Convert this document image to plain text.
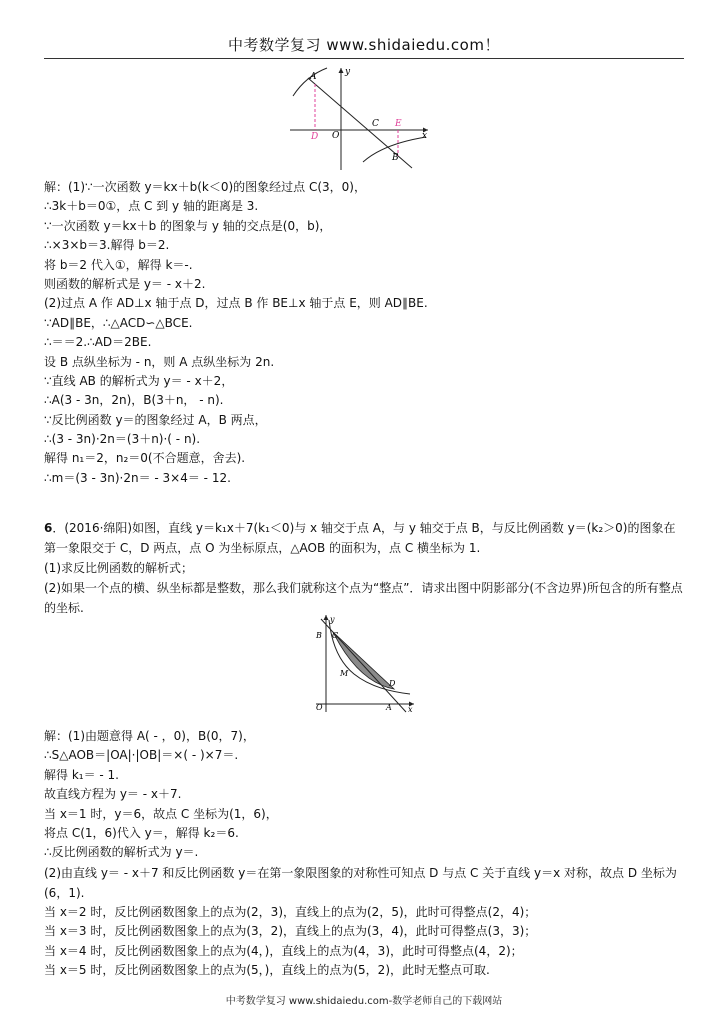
中考数学复习 www.shidaiedu.com！
y
x
A
O
D
C E
B
解：(1)∵一次函数 y＝kx＋b(k＜0)的图象经过点 C(3，0)，
∴3k＋b＝0①，点 C 到 y 轴的距离是 3.
∵一次函数 y＝kx＋b 的图象与 y 轴的交点是(0，b)，
∴×3×b＝3.解得 b＝2.
将 b＝2 代入①，解得 k＝-.
则函数的解析式是 y＝ - x＋2.
(2)过点 A 作 AD⊥x 轴于点 D，过点 B 作 BE⊥x 轴于点 E，则 AD∥BE.
∵AD∥BE，∴△ACD∽△BCE.
∴＝＝2.∴AD＝2BE.
设 B 点纵坐标为 - n，则 A 点纵坐标为 2n.
∵直线 AB 的解析式为 y＝ - x＋2，
∴A(3 - 3n，2n)，B(3＋n， - n).
∵反比例函数 y＝的图象经过 A，B 两点，
∴(3 - 3n)·2n＝(3＋n)·( - n).
解得 n₁＝2，n₂＝0(不合题意，舍去).
∴m＝(3 - 3n)·2n＝ - 3×4＝ - 12.
6．(2016·绵阳)如图，直线 y＝k₁x＋7(k₁＜0)与 x 轴交于点 A，与 y 轴交于点 B，与反比例函数 y＝(k₂＞0)的图象在第一象限交于 C，D 两点，点 O 为坐标原点，△AOB 的面积为，点 C 横坐标为 1.
(1)求反比例函数的解析式；
(2)如果一个点的横、纵坐标都是整数，那么我们就称这个点为“整点”．请求出图中阴影部分(不含边界)所包含的所有整点的坐标.
y
x
B C
M
D
O	A
解：(1)由题意得 A( - ，0)，B(0，7)，
∴S△AOB＝|OA|·|OB|＝×( - )×7＝.
解得 k₁＝ - 1.
故直线方程为 y＝ - x＋7.
当 x＝1 时，y＝6，故点 C 坐标为(1，6)，
将点 C(1，6)代入 y＝，解得 k₂＝6.
∴反比例函数的解析式为 y＝.
(2)由直线 y＝ - x＋7 和反比例函数 y＝在第一象限图象的对称性可知点 D 与点 C 关于直线 y＝x 对称，故点 D 坐标为(6，1).
当 x＝2 时，反比例函数图象上的点为(2，3)，直线上的点为(2，5)，此时可得整点(2，4)；
当 x＝3 时，反比例函数图象上的点为(3，2)，直线上的点为(3，4)，此时可得整点(3，3)；
当 x＝4 时，反比例函数图象上的点为(4，)，直线上的点为(4，3)，此时可得整点(4，2)；
当 x＝5 时，反比例函数图象上的点为(5，)，直线上的点为(5，2)，此时无整点可取.
中考数学复习 www.shidaiedu.com-数学老师自己的下载网站
